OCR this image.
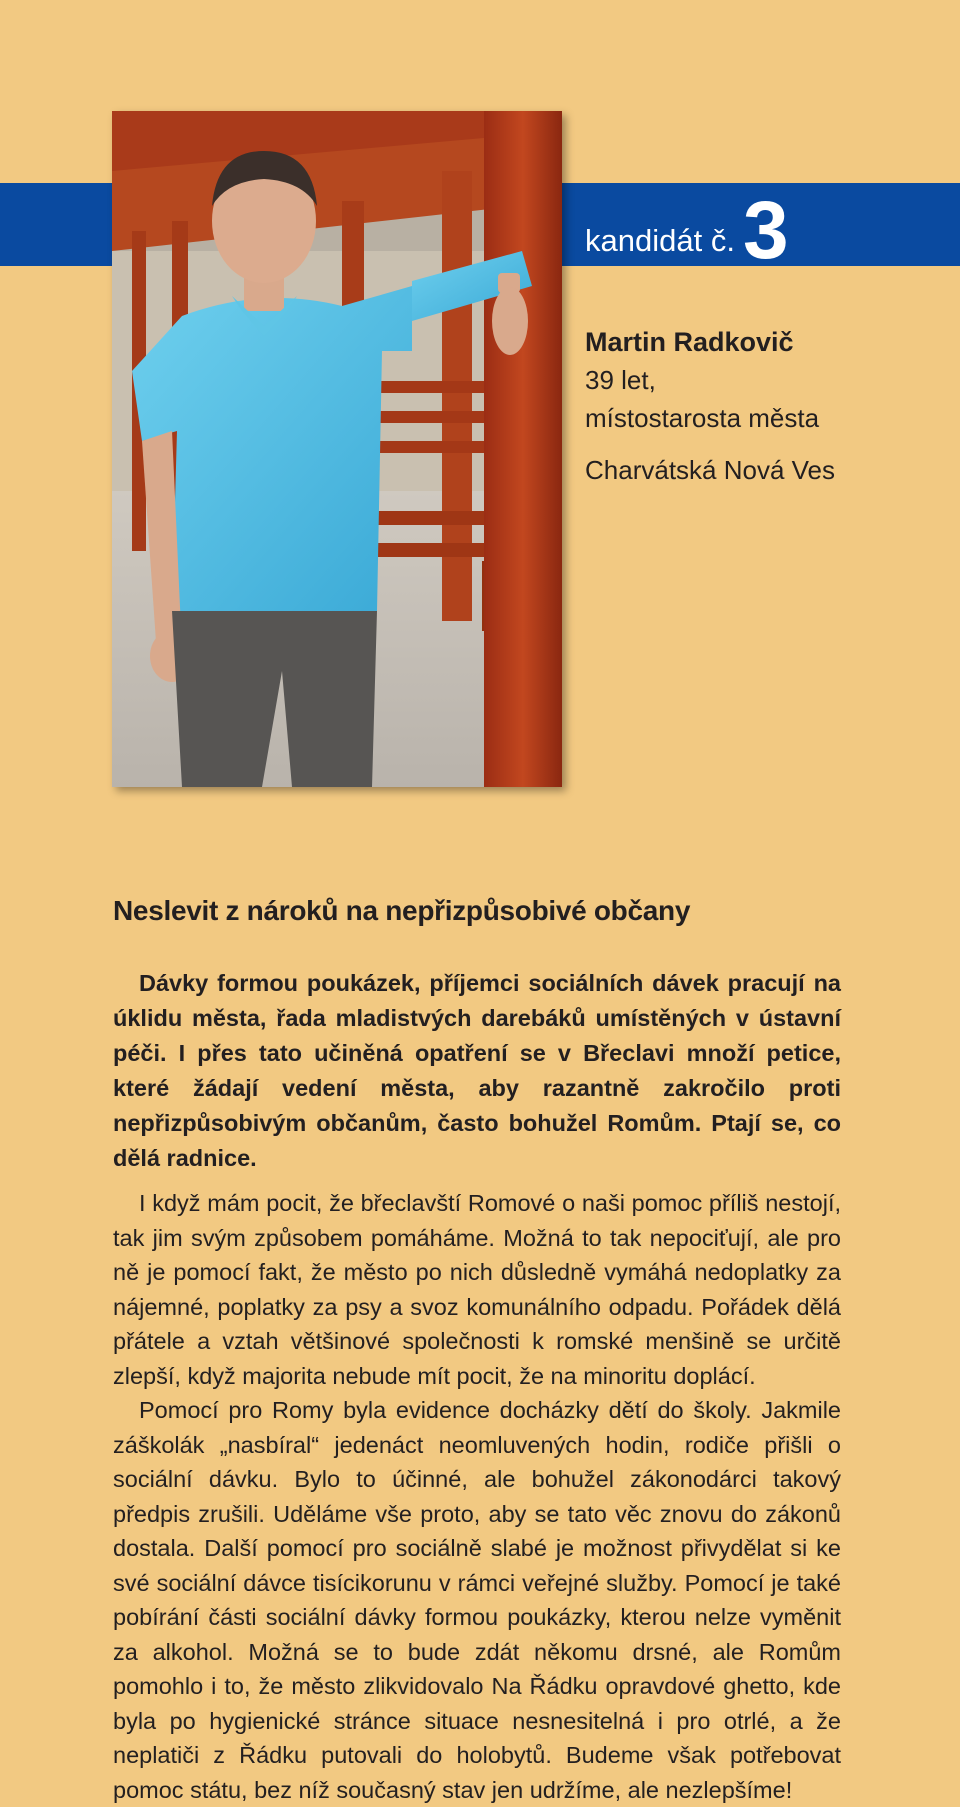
kandidát č. 3
Martin Radkovič
39 let,
místostarosta města
Charvátská Nová Ves
Neslevit z nároků na nepřizpůsobivé občany

Dávky formou poukázek, příjemci sociálních dávek pracují na úklidu města, řada mladistvých darebáků umístěných v ústavní péči. I přes tato učiněná opatření se v Břeclavi množí petice, které žádají vedení města, aby razantně zakročilo proti nepřizpůsobivým občanům, často bohužel Romům. Ptají se, co dělá radnice.

I když mám pocit, že břeclavští Romové o naši pomoc příliš nestojí, tak jim svým způsobem pomáháme. Možná to tak nepociťují, ale pro ně je pomocí fakt, že město po nich důsledně vymáhá nedoplatky za nájemné, poplatky za psy a svoz komunálního odpadu. Pořádek dělá přátele a vztah většinové společnosti k romské menšině se určitě zlepší, když majorita nebude mít pocit, že na minoritu doplácí.

Pomocí pro Romy byla evidence docházky dětí do školy. Jakmile záškolák „nasbíral“ jedenáct neomluvených hodin, rodiče přišli o sociální dávku. Bylo to účinné, ale bohužel zákonodárci takový předpis zrušili. Uděláme vše proto, aby se tato věc znovu do zákonů dostala. Další pomocí pro sociálně slabé je možnost přivydělat si ke své sociální dávce tisícikorunu v rámci veřejné služby. Pomocí je také pobírání části sociální dávky formou poukázky, kterou nelze vyměnit za alkohol. Možná se to bude zdát někomu drsné, ale Romům pomohlo i to, že město zlikvidovalo Na Řádku opravdové ghetto, kde byla po hygienické stránce situace nesnesitelná i pro otrlé, a že neplatiči z Řádku putovali do holobytů. Budeme však potřebovat pomoc státu, bez níž současný stav jen udržíme, ale nezlepšíme!
